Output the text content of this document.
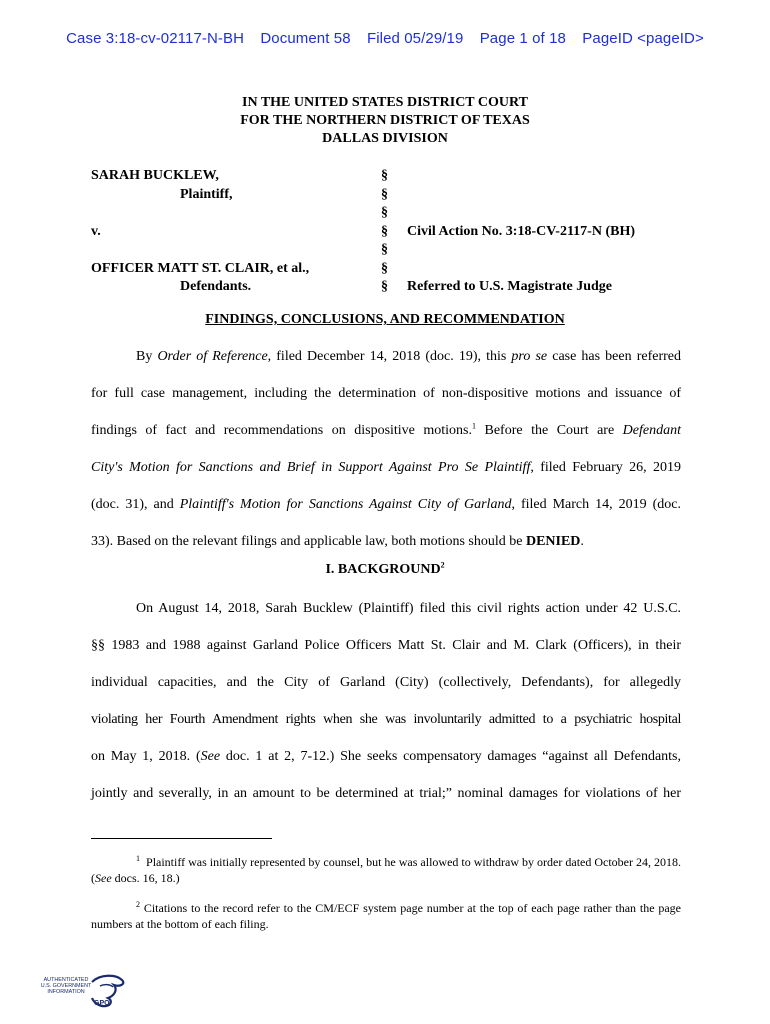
Case 3:18-cv-02117-N-BH Document 58 Filed 05/29/19 Page 1 of 18 PageID <pageID>
IN THE UNITED STATES DISTRICT COURT
FOR THE NORTHERN DISTRICT OF TEXAS
DALLAS DIVISION
SARAH BUCKLEW,
Plaintiff,

v.

OFFICER MATT ST. CLAIR, et al.,
Defendants.
§
§
§
§
§
§
§

Civil Action No. 3:18-CV-2117-N (BH)

Referred to U.S. Magistrate Judge
FINDINGS, CONCLUSIONS, AND RECOMMENDATION
By Order of Reference, filed December 14, 2018 (doc. 19), this pro se case has been referred
for full case management, including the determination of non-dispositive motions and issuance of
findings of fact and recommendations on dispositive motions.$^1$ Before the Court are Defendant
City's Motion for Sanctions and Brief in Support Against Pro Se Plaintiff, filed February 26, 2019
(doc. 31), and Plaintiff's Motion for Sanctions Against City of Garland, filed March 14, 2019 (doc.
33). Based on the relevant filings and applicable law, both motions should be DENIED.
I. BACKGROUND$^2$
On August 14, 2018, Sarah Bucklew (Plaintiff) filed this civil rights action under 42 U.S.C.
§§ 1983 and 1988 against Garland Police Officers Matt St. Clair and M. Clark (Officers), in their
individual capacities, and the City of Garland (City) (collectively, Defendants), for allegedly
violating her Fourth Amendment rights when she was involuntarily admitted to a psychiatric hospital
on May 1, 2018. (See doc. 1 at 2, 7-12.) She seeks compensatory damages “against all Defendants,
jointly and severally, in an amount to be determined at trial;” nominal damages for violations of her
$^1$ Plaintiff was initially represented by counsel, but he was allowed to withdraw by order dated October 24, 2018. (See docs. 16, 18.)
$^2$ Citations to the record refer to the CM/ECF system page number at the top of each page rather than the page numbers at the bottom of each filing.
AUTHENTICATED
U.S. GOVERNMENT
INFORMATION
GPO
